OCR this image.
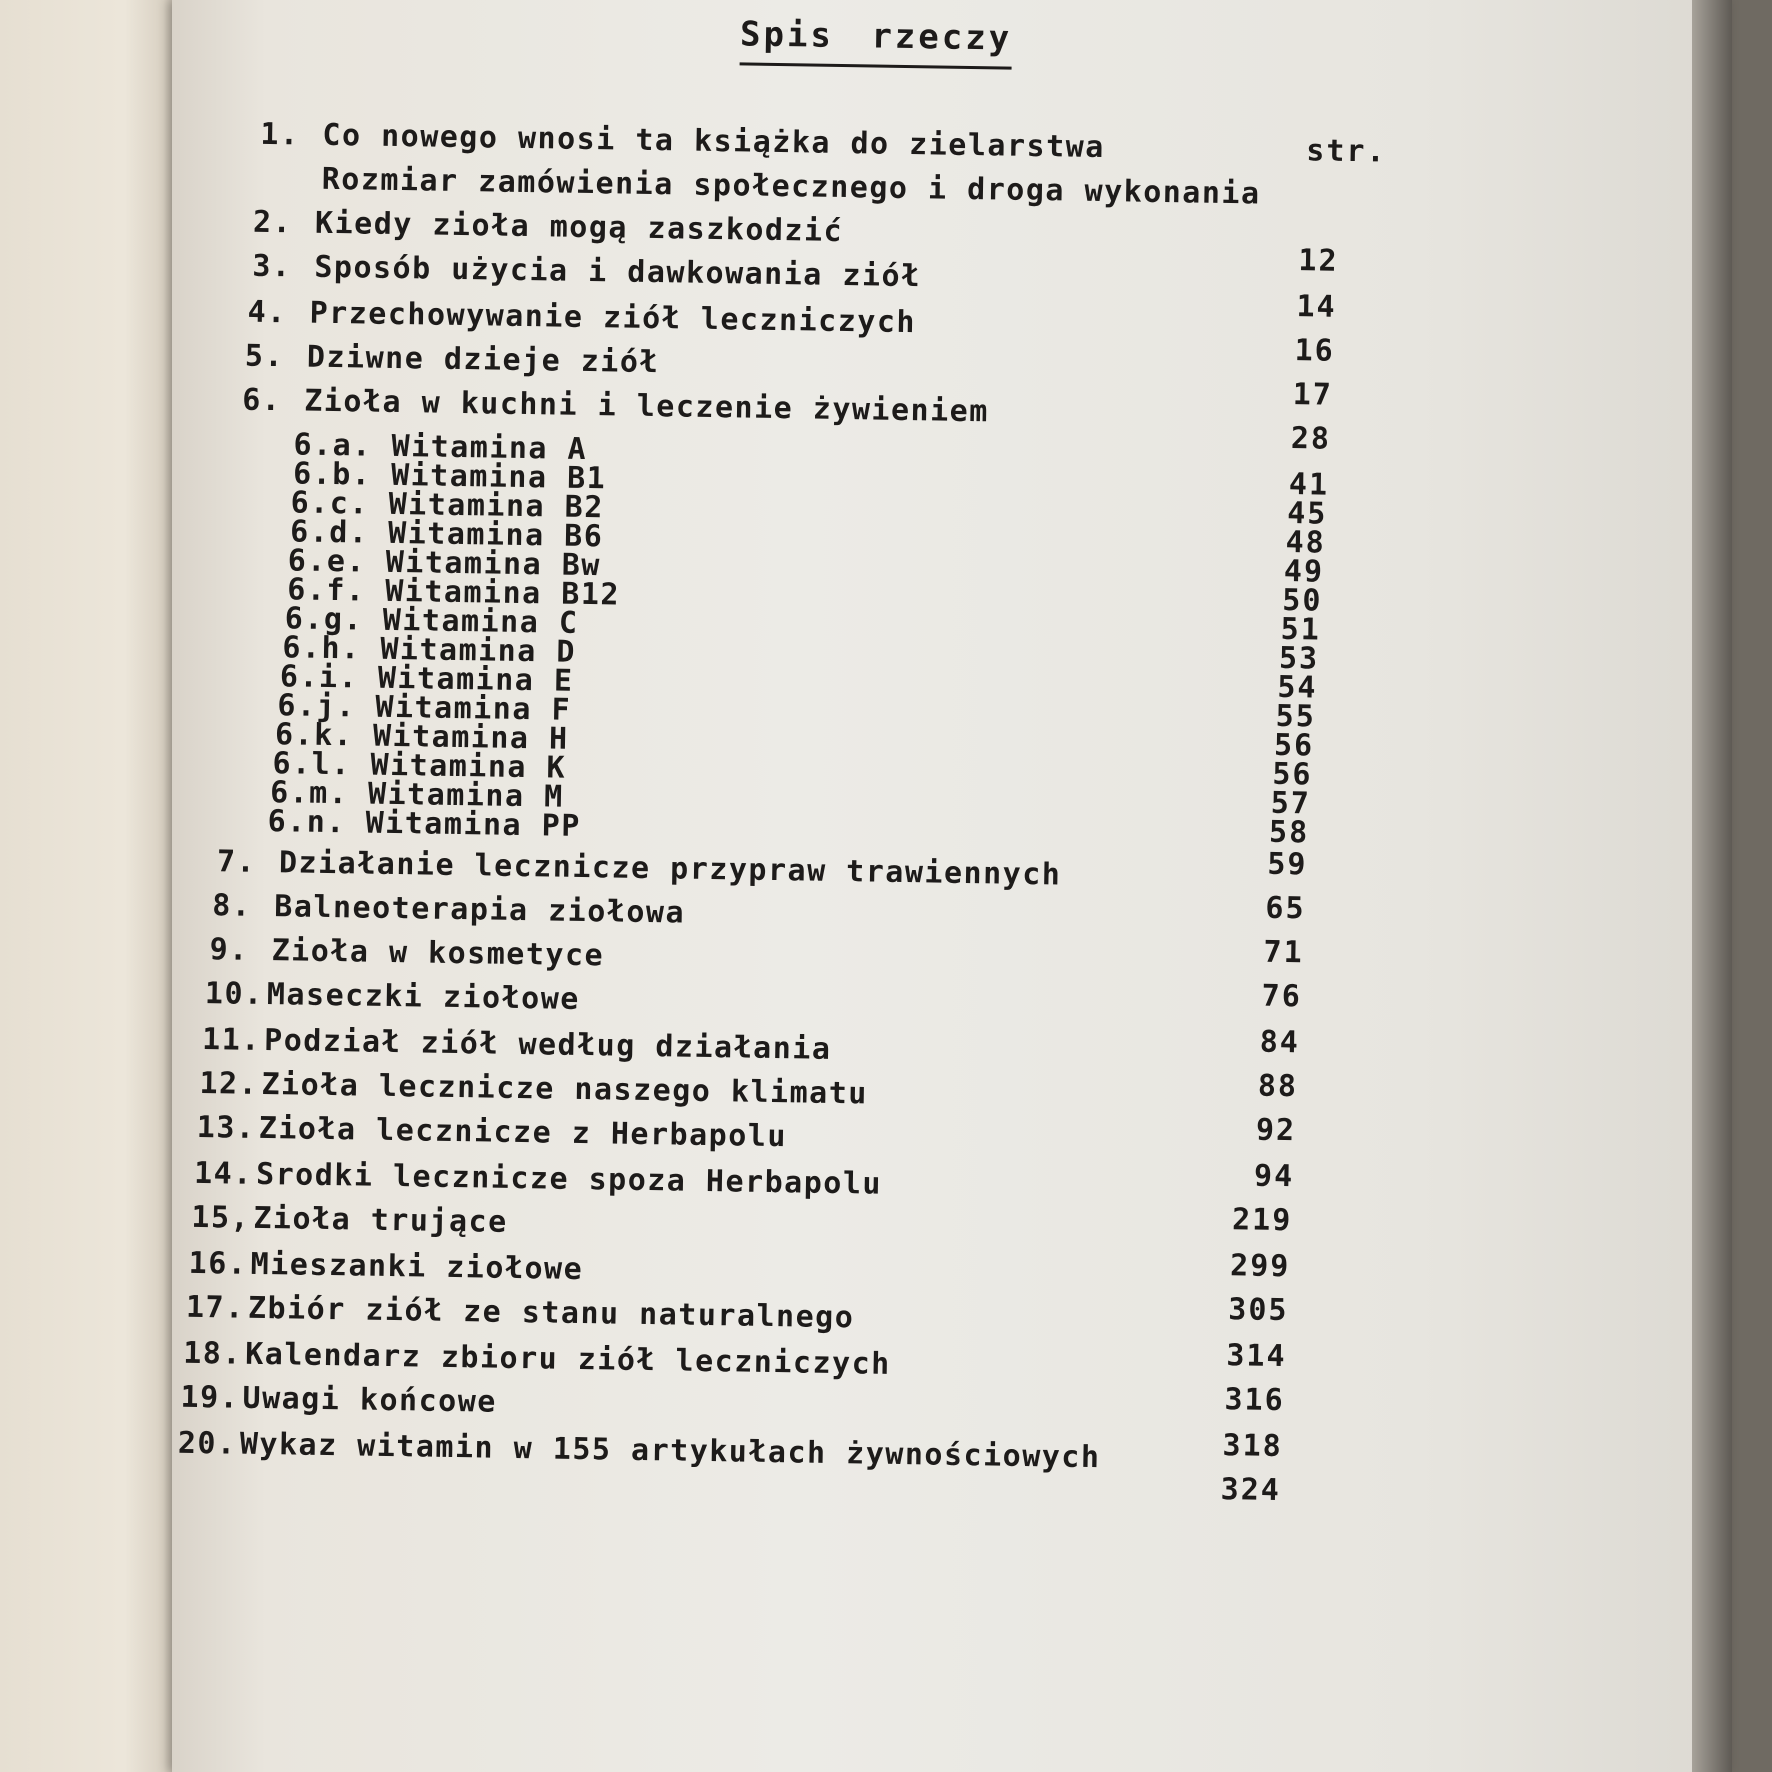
Spis rzeczy
str.
1. Co nowego wnosi ta książka do zielarstwa
Rozmiar zamówienia społecznego i droga wykonania
2. Kiedy zioła mogą zaszkodzić
3. Sposób użycia i dawkowania ziół
4. Przechowywanie ziół leczniczych
5. Dziwne dzieje ziół
6. Zioła w kuchni i leczenie żywieniem
6.a. Witamina A
6.b. Witamina B1
6.c. Witamina B2
6.d. Witamina B6
6.e. Witamina Bw
6.f. Witamina B12
6.g. Witamina C
6.h. Witamina D
6.i. Witamina E
6.j. Witamina F
6.k. Witamina H
6.l. Witamina K
6.m. Witamina M
6.n. Witamina PP
7. Działanie lecznicze przypraw trawiennych
8. Balneoterapia ziołowa
9. Zioła w kosmetyce
10.Maseczki ziołowe
11.Podział ziół według działania
12.Zioła lecznicze naszego klimatu
13.Zioła lecznicze z Herbapolu
14.Srodki lecznicze spoza Herbapolu
15,Zioła trujące
16.Mieszanki ziołowe
17.Zbiór ziół ze stanu naturalnego
18.Kalendarz zbioru ziół leczniczych
19.Uwagi końcowe
20.Wykaz witamin w 155 artykułach żywnościowych
12
14
16
17
28
41
45
48
49
50
51
53
54
55
56
56
57
58
59
65
71
76
84
88
92
94
219
299
305
314
316
318
324
